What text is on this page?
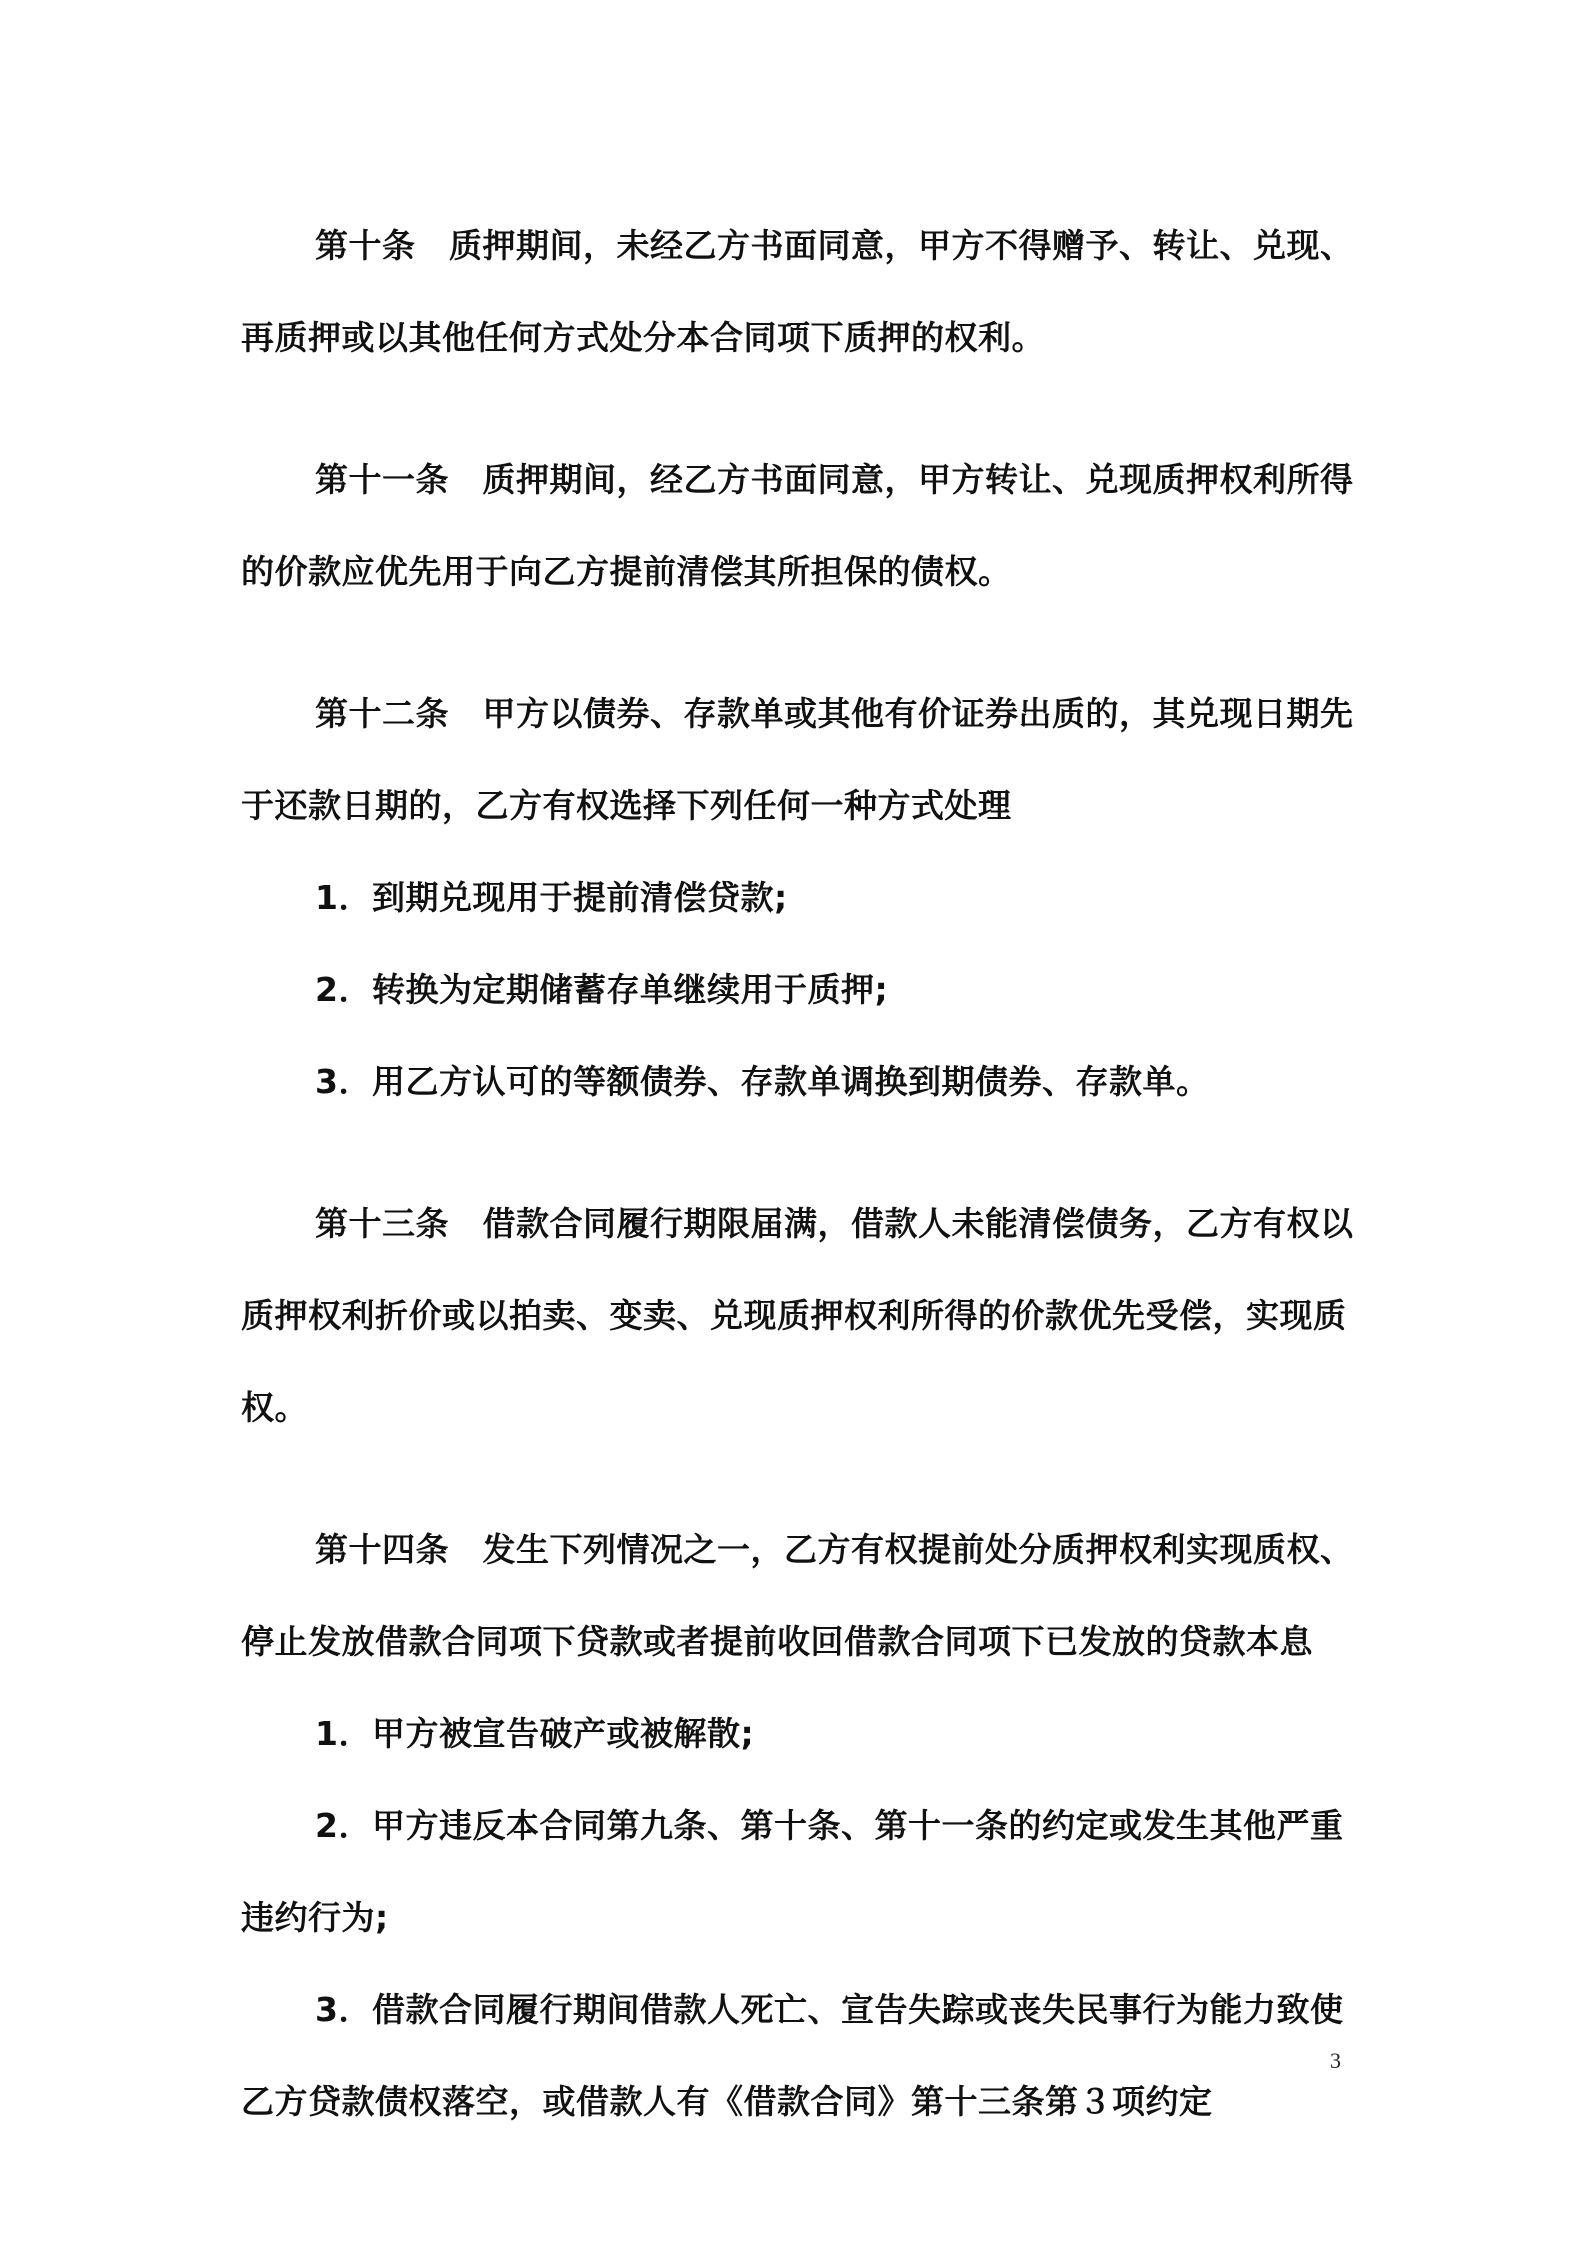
第十条　质押期间，未经乙方书面同意，甲方不得赠予、转让、兑现、再质押或以其他任何方式处分本合同项下质押的权利。

第十一条　质押期间，经乙方书面同意，甲方转让、兑现质押权利所得的价款应优先用于向乙方提前清偿其所担保的债权。

第十二条　甲方以债券、存款单或其他有价证券出质的，其兑现日期先于还款日期的，乙方有权选择下列任何一种方式处理

1．到期兑现用于提前清偿贷款;

2．转换为定期储蓄存单继续用于质押;

3．用乙方认可的等额债券、存款单调换到期债券、存款单。

第十三条　借款合同履行期限届满，借款人未能清偿债务，乙方有权以质押权利折价或以拍卖、变卖、兑现质押权利所得的价款优先受偿，实现质权。

第十四条　发生下列情况之一，乙方有权提前处分质押权利实现质权、停止发放借款合同项下贷款或者提前收回借款合同项下已发放的贷款本息

1．甲方被宣告破产或被解散;

2．甲方违反本合同第九条、第十条、第十一条的约定或发生其他严重违约行为;

3．借款合同履行期间借款人死亡、宣告失踪或丧失民事行为能力致使乙方贷款债权落空，或借款人有《借款合同》第十三条第３项约定

3
